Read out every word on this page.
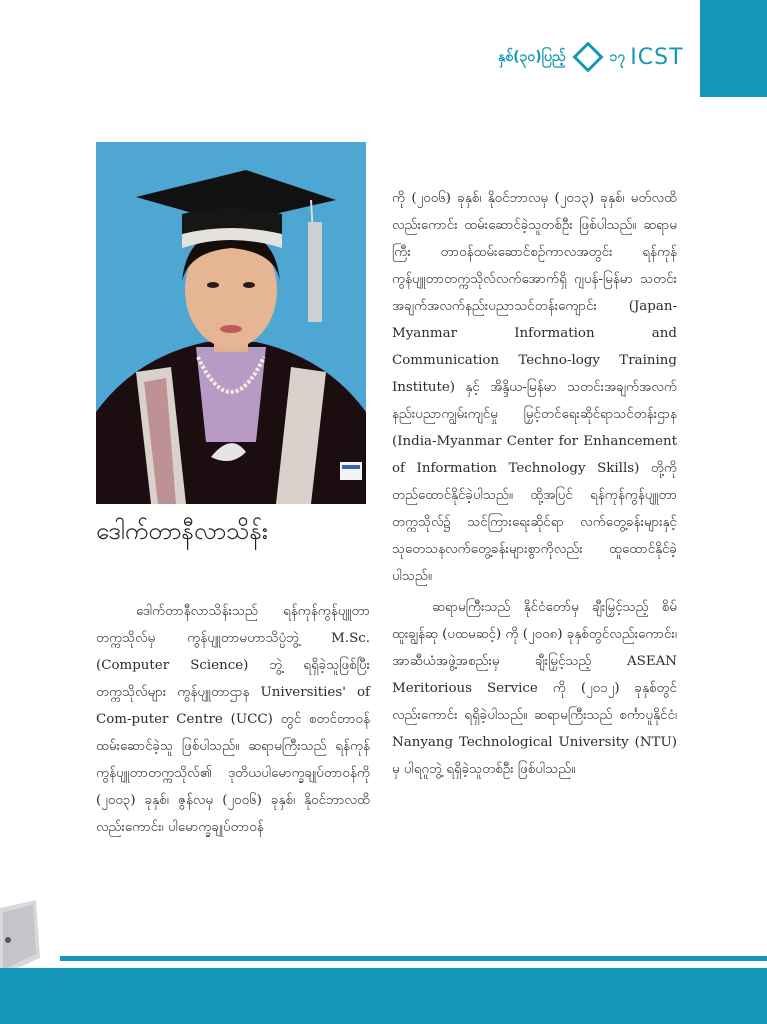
နှစ်(၃၀)ပြည့်	၁၇ ICST
ဒေါက်တာနီလာသိန်း

ဒေါက်တာနီလာသိန်းသည် ရန်ကုန်ကွန်ပျူတာတက္ကသိုလ်မှ ကွန်ပျူတာမဟာသိပ္ပံဘွဲ့ M.Sc. (Computer Science) ဘွဲ့ ရရှိခဲ့သူဖြစ်ပြီး တက္ကသိုလ်များ ကွန်ပျူတာဌာန Universities' of Com-puter Centre (UCC) တွင် စတင်တာဝန်ထမ်းဆောင်ခဲ့သူ ဖြစ်ပါသည်။ ဆရာမကြီးသည် ရန်ကုန်ကွန်ပျူတာတက္ကသိုလ်၏ ဒုတိယပါမောက္ခချုပ်တာဝန်ကို (၂၀၀၃) ခုနှစ်၊ ဇွန်လမှ (၂၀၀၆) ခုနှစ်၊ နိုဝင်ဘာလထိလည်းကောင်း၊ ပါမောက္ခချုပ်တာဝန်

ကို (၂၀၀၆) ခုနှစ်၊ နိုဝင်ဘာလမှ (၂၀၁၃) ခုနှစ်၊ မတ်လထိလည်းကောင်း ထမ်းဆောင်ခဲ့သူတစ်ဦး ဖြစ်ပါသည်။ ဆရာမကြီး တာဝန်ထမ်းဆောင်စဉ်ကာလအတွင်း ရန်ကုန်ကွန်ပျူတာတက္ကသိုလ်လက်အောက်ရှိ ဂျပန်-မြန်မာ သတင်းအချက်အလက်နည်းပညာသင်တန်းကျောင်း (Japan-Myanmar Information and Communication Techno-logy Training Institute) နှင့် အိန္ဒိယ-မြန်မာ သတင်းအချက်အလက် နည်းပညာကျွမ်းကျင်မှု မြှင့်တင်ရေးဆိုင်ရာသင်တန်းဌာန (India-Myanmar Center for Enhancement of Information Technology Skills) တို့ကို တည်ထောင်နိုင်ခဲ့ပါသည်။ ထို့အပြင် ရန်ကုန်ကွန်ပျူတာတက္ကသိုလ်၌ သင်ကြားရေးဆိုင်ရာ လက်တွေ့ခန်းများနှင့် သုတေသနလက်တွေ့ခန်းများစွာကိုလည်း ထူထောင်နိုင်ခဲ့ပါသည်။

ဆရာမကြီးသည် နိုင်ငံတော်မှ ချီးမြှင့်သည့် စိမ်ထူးချွန်ဆု (ပထမဆင့်) ကို (၂၀၀၈) ခုနှစ်တွင်လည်းကောင်း၊ အာဆီယံအဖွဲ့အစည်းမှ ချီးမြှင့်သည့် ASEAN Meritorious Service ကို (၂၀၁၂) ခုနှစ်တွင်လည်းကောင်း ရရှိခဲ့ပါသည်။ ဆရာမကြီးသည် စင်္ကာပူနိုင်ငံ၊ Nanyang Technological University (NTU) မှ ပါရဂူဘွဲ့ ရရှိခဲ့သူတစ်ဦး ဖြစ်ပါသည်။
